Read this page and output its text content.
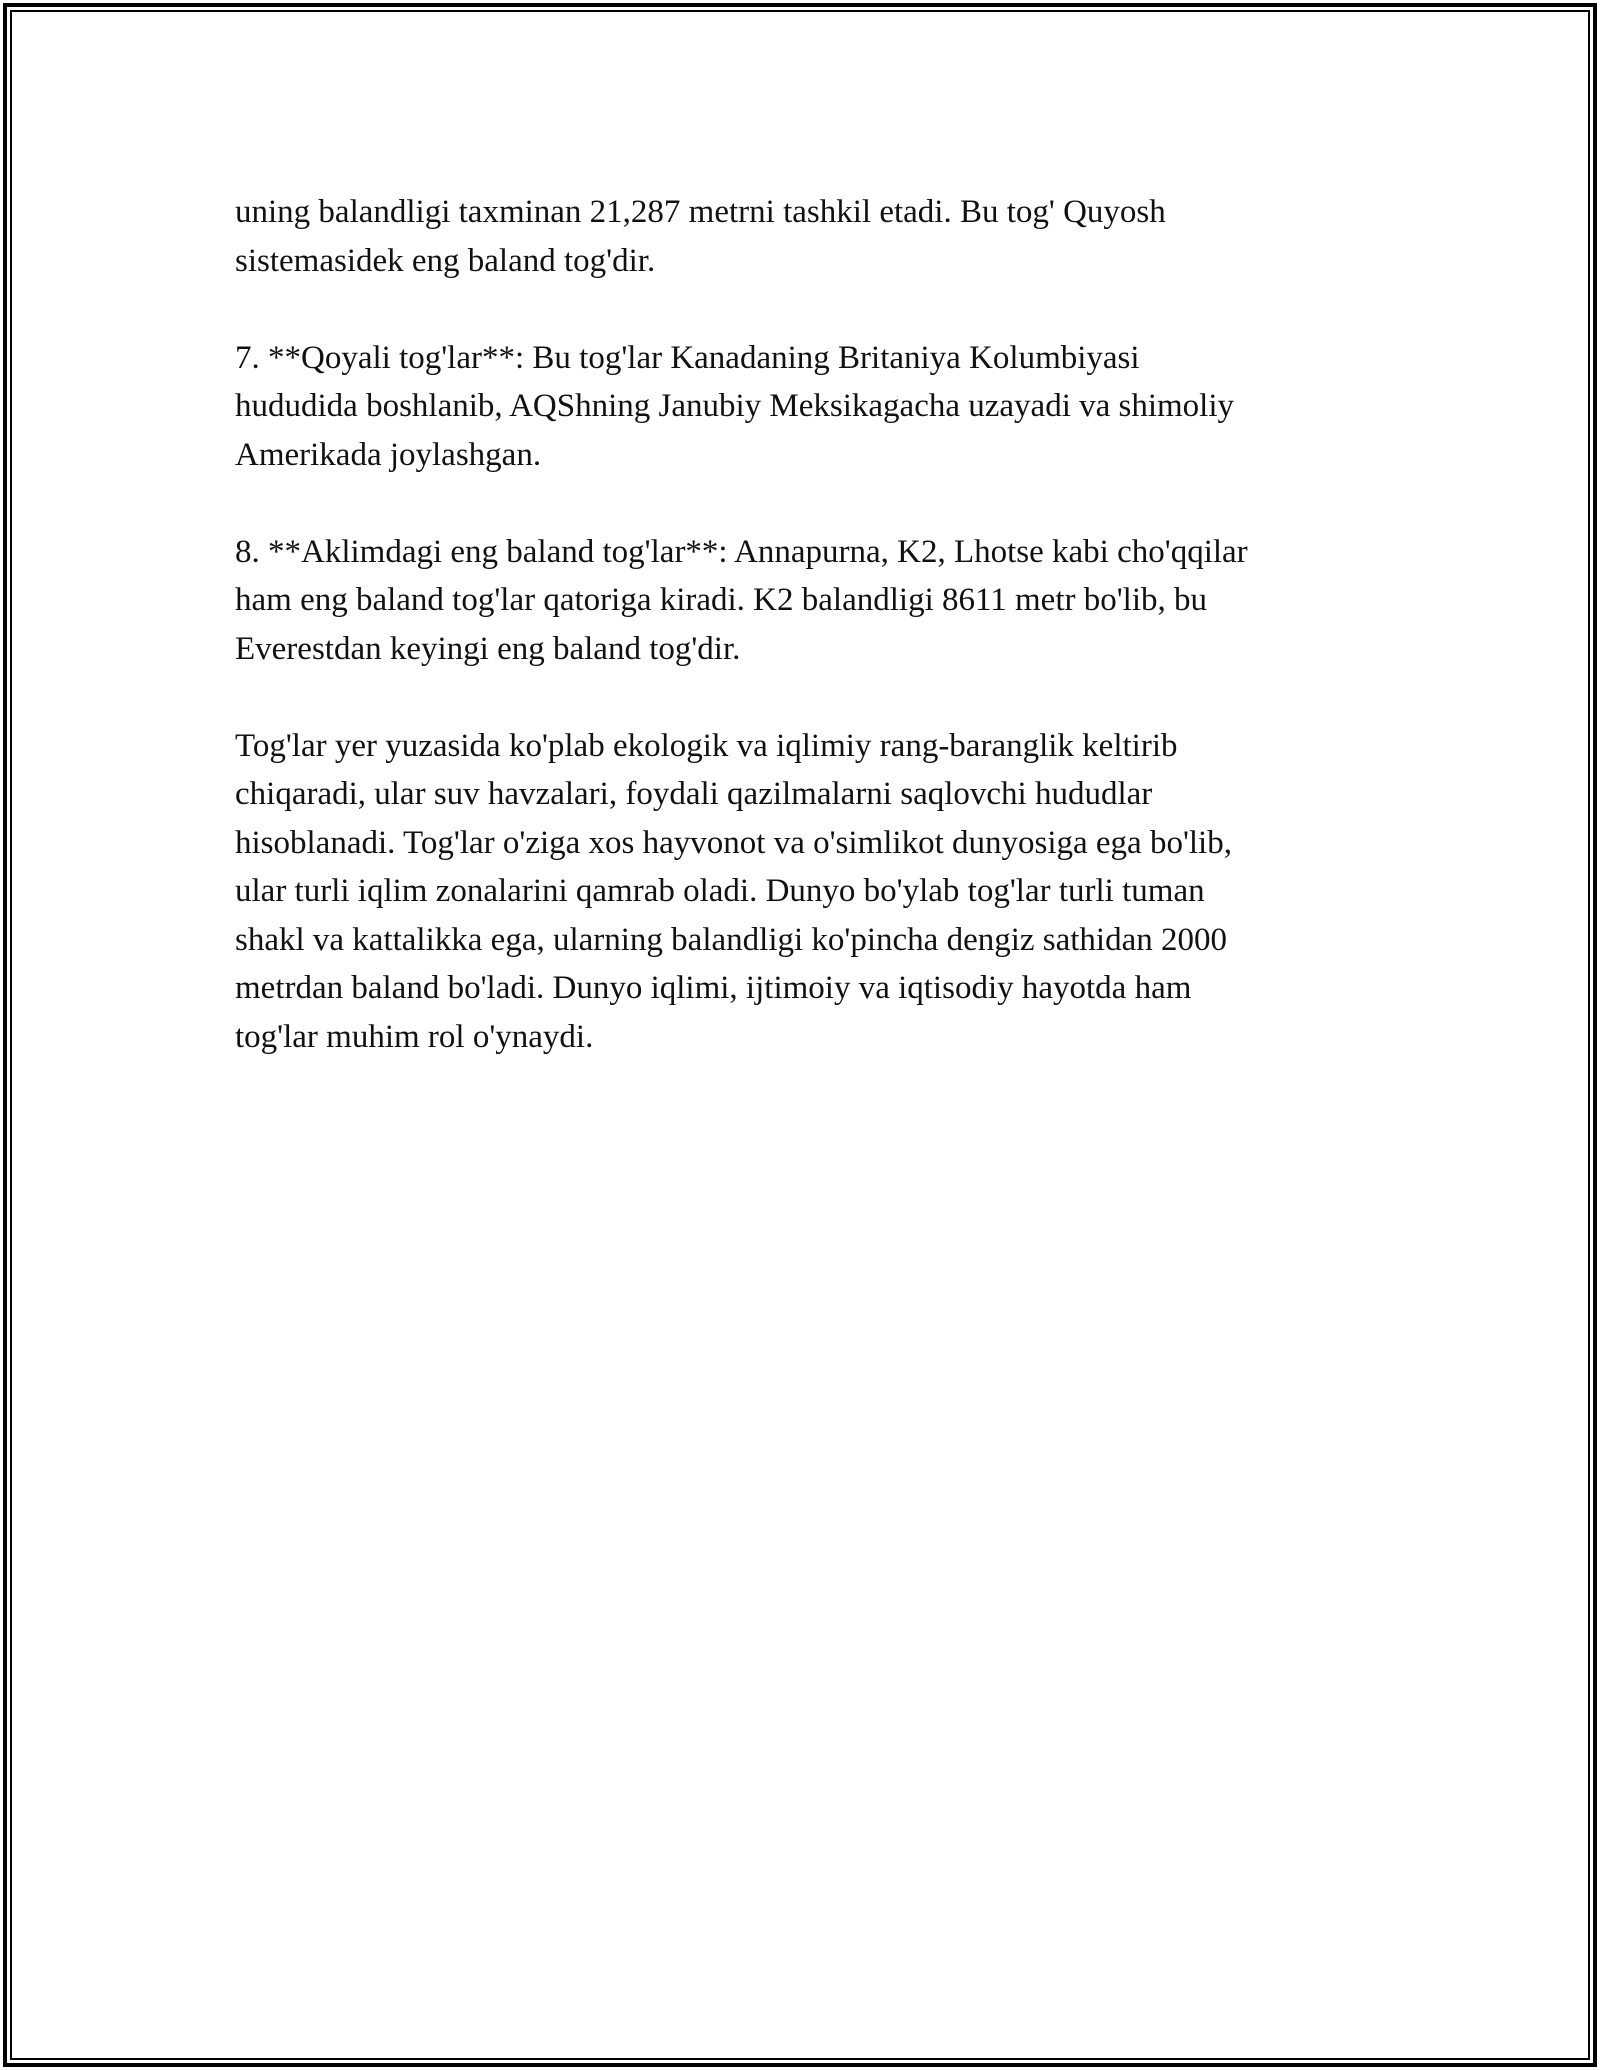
uning balandligi taxminan 21,287 metrni tashkil etadi. Bu tog' Quyosh
sistemasidek eng baland tog'dir.

7. **Qoyali tog'lar**: Bu tog'lar Kanadaning Britaniya Kolumbiyasi
hududida boshlanib, AQShning Janubiy Meksikagacha uzayadi va shimoliy
Amerikada joylashgan.

8. **Aklimdagi eng baland tog'lar**: Annapurna, K2, Lhotse kabi cho'qqilar
ham eng baland tog'lar qatoriga kiradi. K2 balandligi 8611 metr bo'lib, bu
Everestdan keyingi eng baland tog'dir.

Tog'lar yer yuzasida ko'plab ekologik va iqlimiy rang-baranglik keltirib
chiqaradi, ular suv havzalari, foydali qazilmalarni saqlovchi hududlar
hisoblanadi. Tog'lar o'ziga xos hayvonot va o'simlikot dunyosiga ega bo'lib,
ular turli iqlim zonalarini qamrab oladi. Dunyo bo'ylab tog'lar turli tuman
shakl va kattalikka ega, ularning balandligi ko'pincha dengiz sathidan 2000
metrdan baland bo'ladi. Dunyo iqlimi, ijtimoiy va iqtisodiy hayotda ham
tog'lar muhim rol o'ynaydi.
